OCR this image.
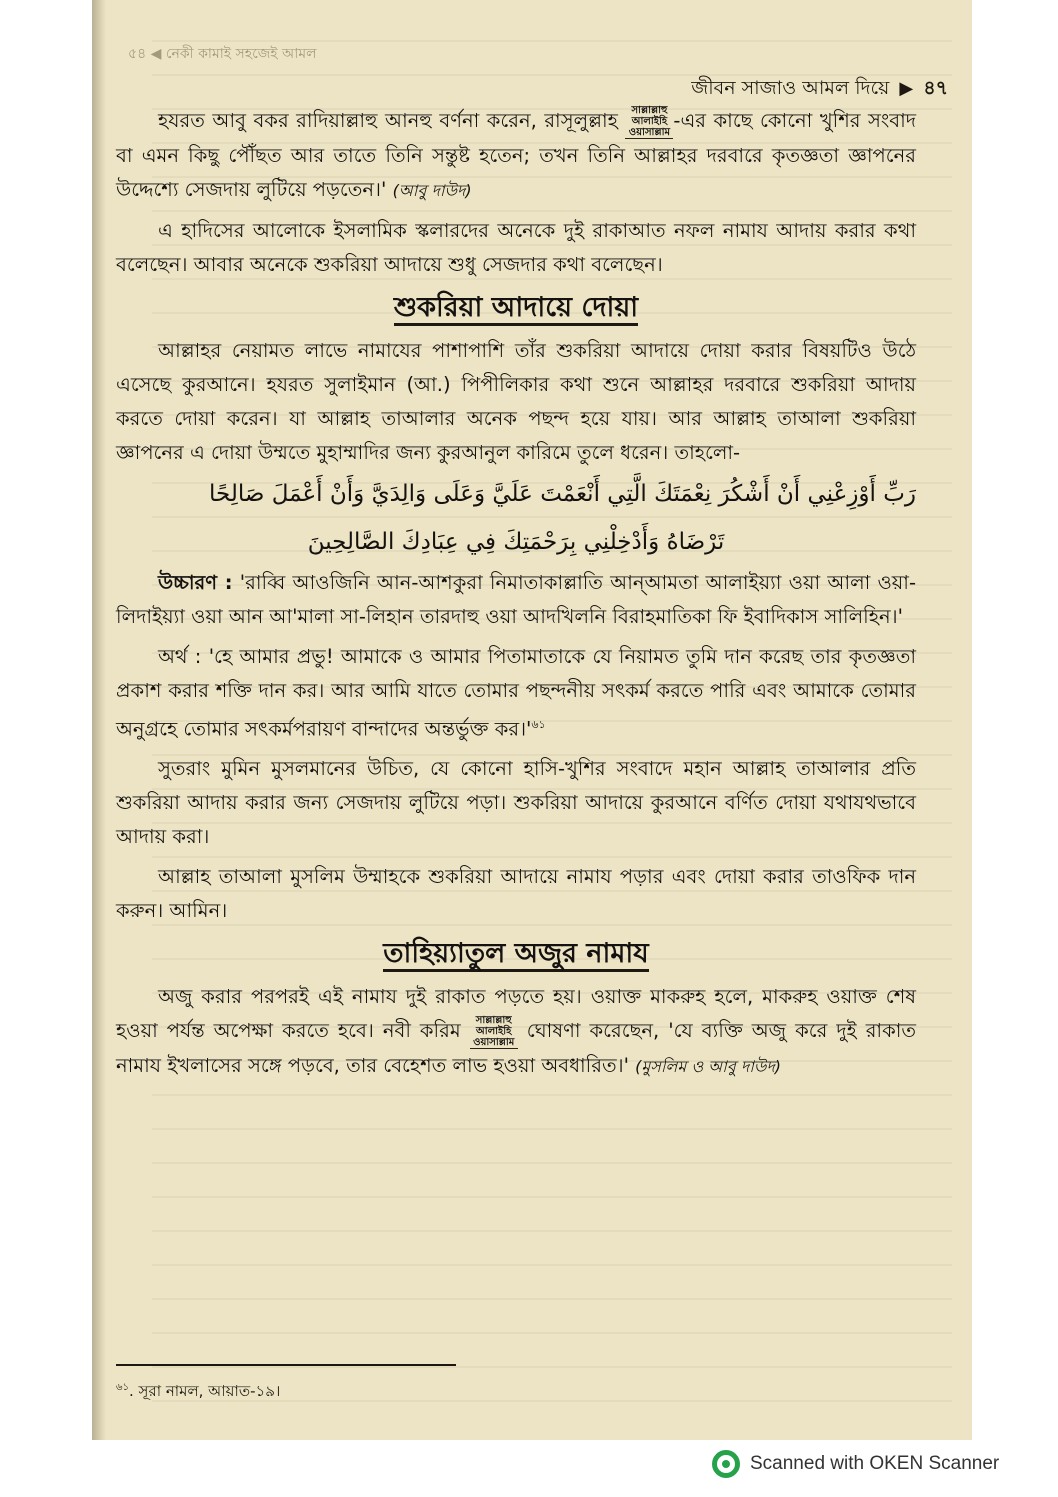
৫৪ ◀ নেকী কামাই সহজেই আমল
জীবন সাজাও আমল দিয়ে ▶ ৪৭

হযরত আবু বকর রাদিয়াল্লাহু আনহু বর্ণনা করেন, রাসূলুল্লাহ সাল্লাল্লাহু আলাইহি ওয়াসাল্লাম -এর কাছে কোনো খুশির সংবাদ বা এমন কিছু পৌঁছত আর তাতে তিনি সন্তুষ্ট হতেন; তখন তিনি আল্লাহর দরবারে কৃতজ্ঞতা জ্ঞাপনের উদ্দেশ্যে সেজদায় লুটিয়ে পড়তেন।' (আবু দাউদ)

এ হাদিসের আলোকে ইসলামিক স্কলারদের অনেকে দুই রাকাআত নফল নামায আদায় করার কথা বলেছেন। আবার অনেকে শুকরিয়া আদায়ে শুধু সেজদার কথা বলেছেন।

শুকরিয়া আদায়ে দোয়া

আল্লাহর নেয়ামত লাভে নামাযের পাশাপাশি তাঁর শুকরিয়া আদায়ে দোয়া করার বিষয়টিও উঠে এসেছে কুরআনে। হযরত সুলাইমান (আ.) পিপীলিকার কথা শুনে আল্লাহর দরবারে শুকরিয়া আদায় করতে দোয়া করেন। যা আল্লাহ তাআলার অনেক পছন্দ হয়ে যায়। আর আল্লাহ তাআলা শুকরিয়া জ্ঞাপনের এ দোয়া উম্মতে মুহাম্মাদির জন্য কুরআনুল কারিমে তুলে ধরেন। তাহলো-

رَبِّ أَوْزِعْنِي أَنْ أَشْكُرَ نِعْمَتَكَ الَّتِي أَنْعَمْتَ عَلَيَّ وَعَلَى وَالِدَيَّ وَأَنْ أَعْمَلَ صَالِحًا
تَرْضَاهُ وَأَدْخِلْنِي بِرَحْمَتِكَ فِي عِبَادِكَ الصَّالِحِينَ

উচ্চারণ : 'রাব্বি আওজিনি আন-আশকুরা নিমাতাকাল্লাতি আন্‌আমতা আলাইয়্যা ওয়া আলা ওয়া-লিদাইয়্যা ওয়া আন আ'মালা সা-লিহান তারদাহু ওয়া আদখিলনি বিরাহমাতিকা ফি ইবাদিকাস সালিহিন।'

অর্থ : 'হে আমার প্রভু! আমাকে ও আমার পিতামাতাকে যে নিয়ামত তুমি দান করেছ তার কৃতজ্ঞতা প্রকাশ করার শক্তি দান কর। আর আমি যাতে তোমার পছন্দনীয় সৎকর্ম করতে পারি এবং আমাকে তোমার অনুগ্রহে তোমার সৎকর্মপরায়ণ বান্দাদের অন্তর্ভুক্ত $কর।'^{৬১}$

সুতরাং মুমিন মুসলমানের উচিত, যে কোনো হাসি-খুশির সংবাদে মহান আল্লাহ তাআলার প্রতি শুকরিয়া আদায় করার জন্য সেজদায় লুটিয়ে পড়া। শুকরিয়া আদায়ে কুরআনে বর্ণিত দোয়া যথাযথভাবে আদায় করা।

আল্লাহ তাআলা মুসলিম উম্মাহকে শুকরিয়া আদায়ে নামায পড়ার এবং দোয়া করার তাওফিক দান করুন। আমিন।

তাহিয়্যাতুল অজুর নামায

অজু করার পরপরই এই নামায দুই রাকাত পড়তে হয়। ওয়াক্ত মাকরুহ হলে, মাকরুহ ওয়াক্ত শেষ হওয়া পর্যন্ত অপেক্ষা করতে হবে। নবী করিম সাল্লাল্লাহু আলাইহি ওয়াসাল্লাম ঘোষণা করেছেন, 'যে ব্যক্তি অজু করে দুই রাকাত নামায ইখলাসের সঙ্গে পড়বে, তার বেহেশত লাভ হওয়া অবধারিত।' (মুসলিম ও আবু দাউদ)

$^{৬১}$. সূরা নামল, আয়াত-১৯।
Scanned with OKEN Scanner
